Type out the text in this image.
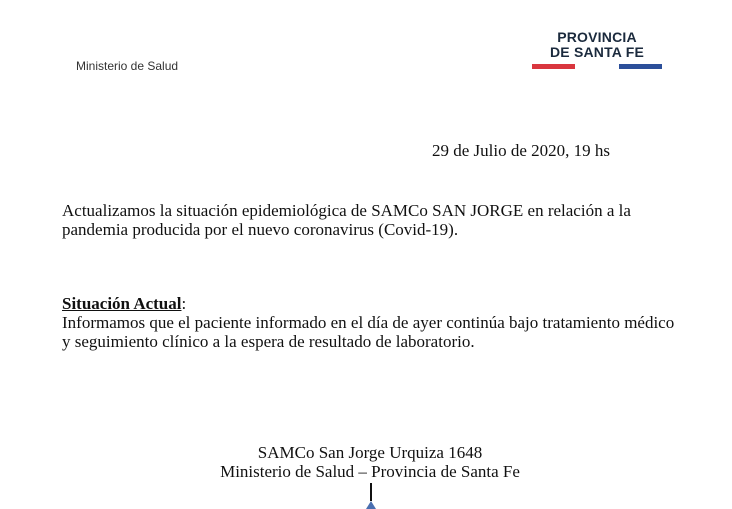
Ministerio de Salud
PROVINCIA
DE SANTA FE
29 de Julio de 2020, 19 hs
Actualizamos la situación epidemiológica de SAMCo SAN JORGE en relación a la pandemia producida por el nuevo coronavirus (Covid-19).
Situación Actual:
Informamos que el paciente informado en el día de ayer continúa bajo tratamiento médico y seguimiento clínico a la espera de resultado de laboratorio.
SAMCo San Jorge Urquiza 1648
Ministerio de Salud – Provincia de Santa Fe
